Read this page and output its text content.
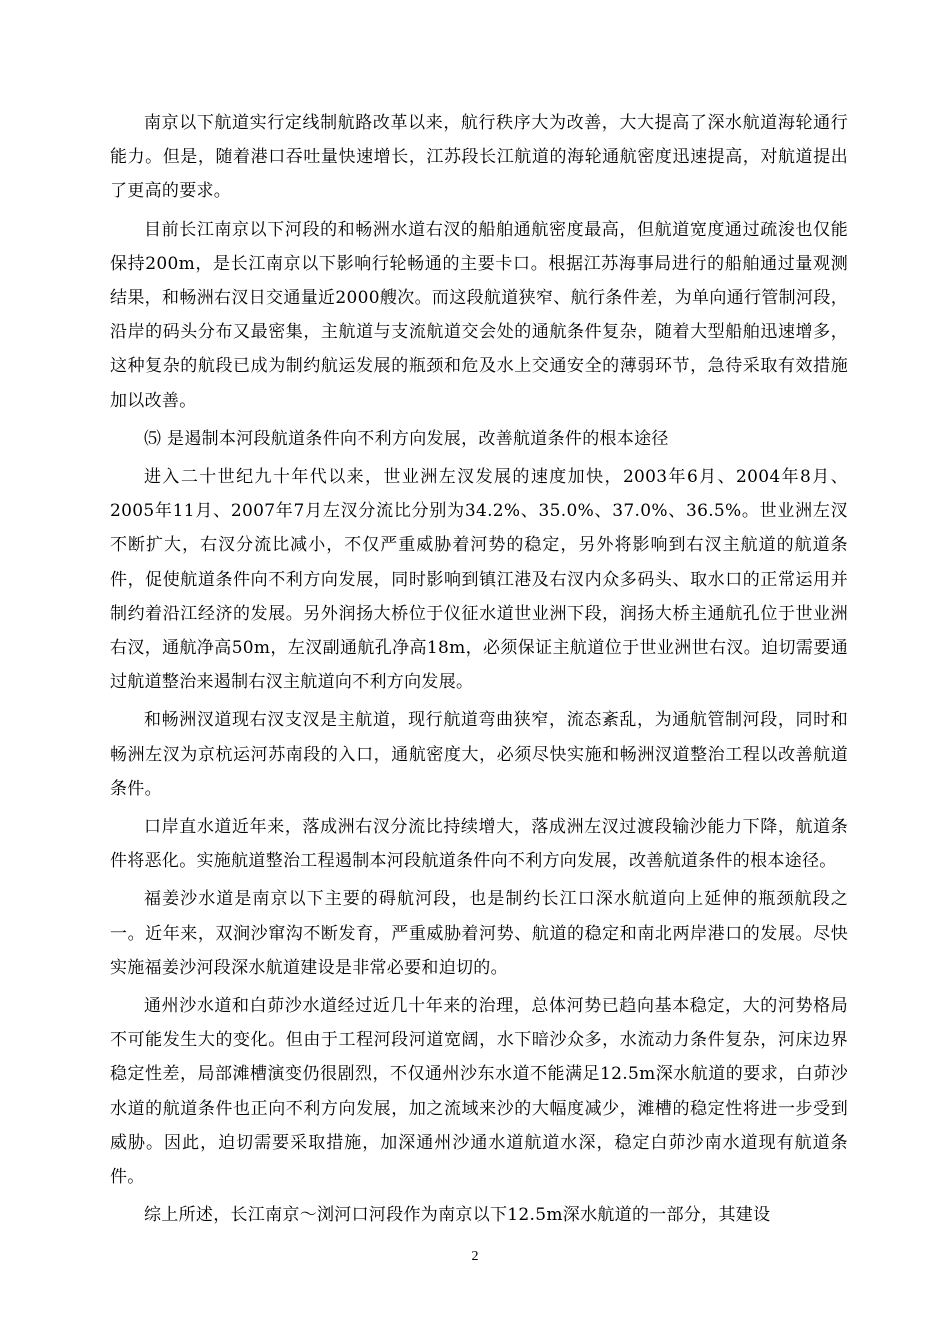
南京以下航道实行定线制航路改革以来，航行秩序大为改善，大大提高了深水航道海轮通行能力。但是，随着港口吞吐量快速增长，江苏段长江航道的海轮通航密度迅速提高，对航道提出了更高的要求。

目前长江南京以下河段的和畅洲水道右汊的船舶通航密度最高，但航道宽度通过疏浚也仅能保持200m，是长江南京以下影响行轮畅通的主要卡口。根据江苏海事局进行的船舶通过量观测结果，和畅洲右汊日交通量近2000艘次。而这段航道狭窄、航行条件差，为单向通行管制河段，沿岸的码头分布又最密集，主航道与支流航道交会处的通航条件复杂，随着大型船舶迅速增多，这种复杂的航段已成为制约航运发展的瓶颈和危及水上交通安全的薄弱环节，急待采取有效措施加以改善。

⑸ 是遏制本河段航道条件向不利方向发展，改善航道条件的根本途径

进入二十世纪九十年代以来，世业洲左汊发展的速度加快，2003年6月、2004年8月、2005年11月、2007年7月左汊分流比分别为34.2%、35.0%、37.0%、36.5%。世业洲左汊不断扩大，右汊分流比减小，不仅严重威胁着河势的稳定，另外将影响到右汊主航道的航道条件，促使航道条件向不利方向发展，同时影响到镇江港及右汊内众多码头、取水口的正常运用并制约着沿江经济的发展。另外润扬大桥位于仪征水道世业洲下段，润扬大桥主通航孔位于世业洲右汊，通航净高50m，左汊副通航孔净高18m，必须保证主航道位于世业洲世右汊。迫切需要通过航道整治来遏制右汊主航道向不利方向发展。

和畅洲汊道现右汊支汊是主航道，现行航道弯曲狭窄，流态紊乱，为通航管制河段，同时和畅洲左汊为京杭运河苏南段的入口，通航密度大，必须尽快实施和畅洲汊道整治工程以改善航道条件。

口岸直水道近年来，落成洲右汊分流比持续增大，落成洲左汊过渡段输沙能力下降，航道条件将恶化。实施航道整治工程遏制本河段航道条件向不利方向发展，改善航道条件的根本途径。

福姜沙水道是南京以下主要的碍航河段，也是制约长江口深水航道向上延伸的瓶颈航段之一。近年来，双涧沙窜沟不断发育，严重威胁着河势、航道的稳定和南北两岸港口的发展。尽快实施福姜沙河段深水航道建设是非常必要和迫切的。

通州沙水道和白茆沙水道经过近几十年来的治理，总体河势已趋向基本稳定，大的河势格局不可能发生大的变化。但由于工程河段河道宽阔，水下暗沙众多，水流动力条件复杂，河床边界稳定性差，局部滩槽演变仍很剧烈，不仅通州沙东水道不能满足12.5m深水航道的要求，白茆沙水道的航道条件也正向不利方向发展，加之流域来沙的大幅度减少，滩槽的稳定性将进一步受到威胁。因此，迫切需要采取措施，加深通州沙通水道航道水深，稳定白茆沙南水道现有航道条件。

综上所述，长江南京～浏河口河段作为南京以下12.5m深水航道的一部分，其建设

2
